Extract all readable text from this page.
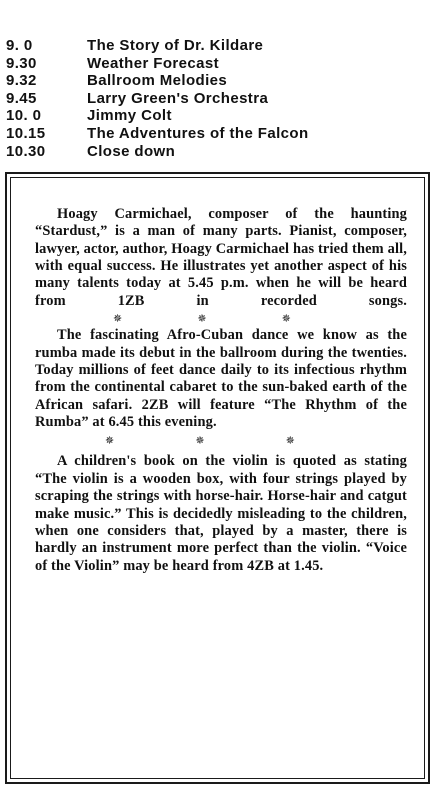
9. 0	The Story of Dr. Kildare
9.30	Weather Forecast
9.32	Ballroom Melodies
9.45	Larry Green's Orchestra
10. 0	Jimmy Colt
10.15	The Adventures of the Falcon
10.30	Close down

Hoagy Carmichael, composer of the haunting “Stardust,” is a man of many parts. Pianist, composer, lawyer, actor, author, Hoagy Carmichael has tried them all, with equal success. He illustrates yet another aspect of his many talents today at 5.45 p.m. when he will be heard from 1ZB in recorded songs.
✵	✵	✵

The fascinating Afro-Cuban dance we know as the rumba made its debut in the ballroom during the twenties. Today millions of feet dance daily to its infectious rhythm from the continental cabaret to the sun-baked earth of the African safari. 2ZB will feature “The Rhythm of the Rumba” at 6.45 this evening.

✵	✵	✵

A children's book on the violin is quoted as stating “The violin is a wooden box, with four strings played by scraping the strings with horse-hair. Horse-hair and catgut make music.” This is decidedly misleading to the children, when one considers that, played by a master, there is hardly an instrument more perfect than the violin. “Voice of the Violin” may be heard from 4ZB at 1.45.
